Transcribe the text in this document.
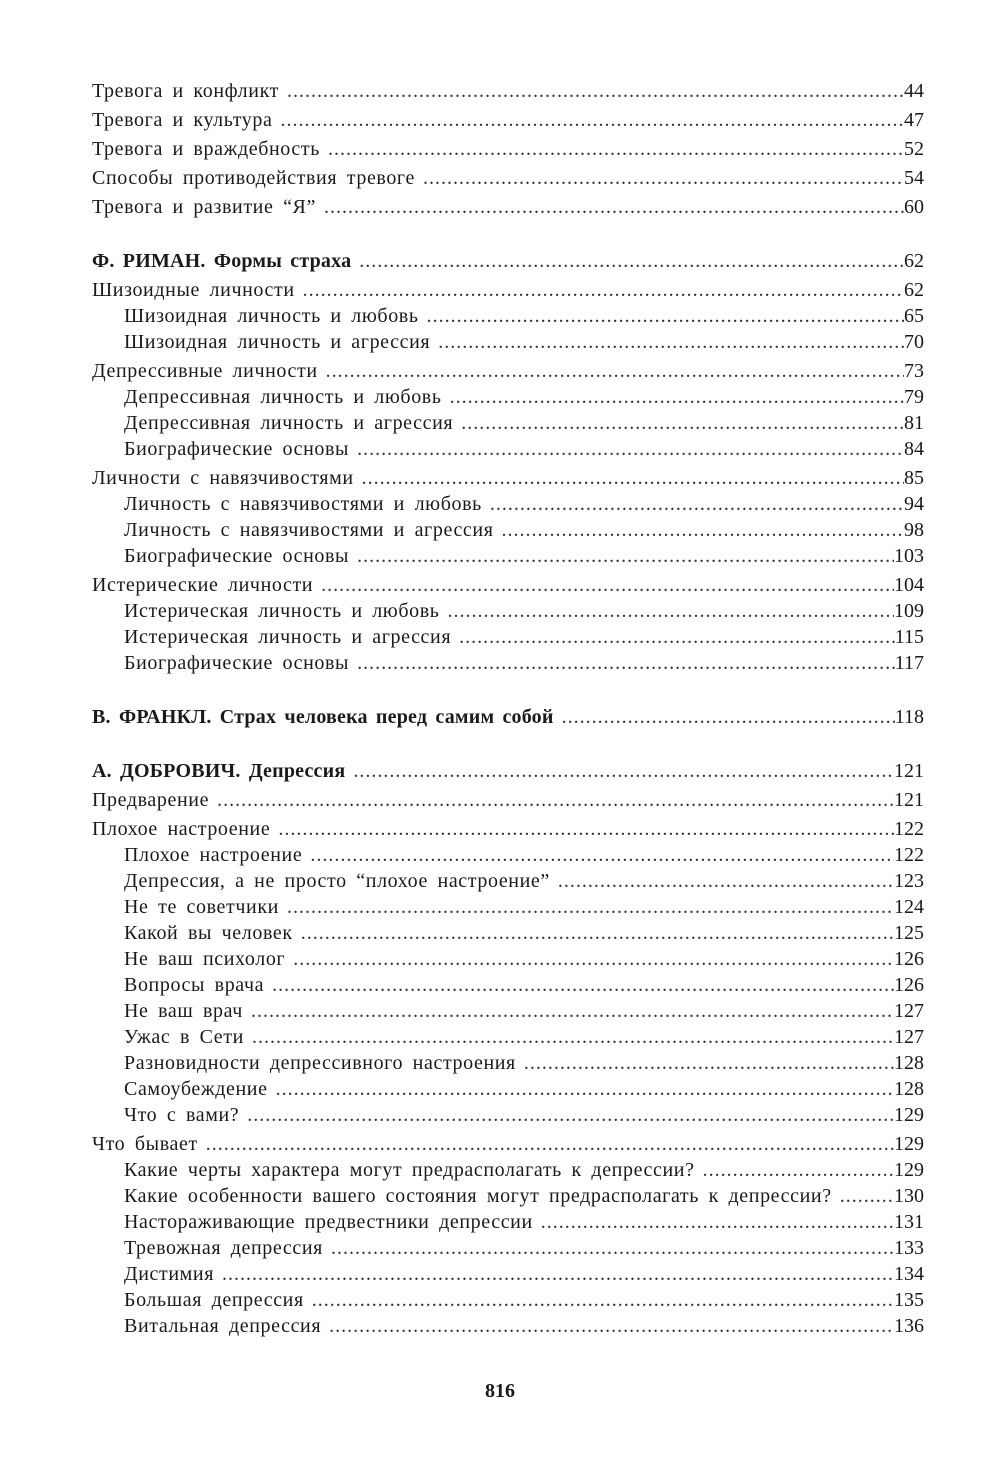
Тревога и конфликт .....	44
Тревога и культура .....	47
Тревога и враждебность .....	52
Способы противодействия тревоге .....	54
Тревога и развитие “Я” .....	60
Ф. РИМАН. Формы страха .....	62
Шизоидные личности .....	62
Шизоидная личность и любовь .....	65
Шизоидная личность и агрессия .....	70
Депрессивные личности .....	73
Депрессивная личность и любовь .....	79
Депрессивная личность и агрессия .....	81
Биографические основы .....	84
Личности с навязчивостями .....	85
Личность с навязчивостями и любовь .....	94
Личность с навязчивостями и агрессия .....	98
Биографические основы .....	103
Истерические личности .....	104
Истерическая личность и любовь .....	109
Истерическая личность и агрессия .....	115
Биографические основы .....	117
В. ФРАНКЛ. Страх человека перед самим собой .....	118
А. ДОБРОВИЧ. Депрессия .....	121
Предварение .....	121
Плохое настроение .....	122
Плохое настроение .....	122
Депрессия, а не просто “плохое настроение” .....	123
Не те советчики .....	124
Какой вы человек .....	125
Не ваш психолог .....	126
Вопросы врача .....	126
Не ваш врач .....	127
Ужас в Сети .....	127
Разновидности депрессивного настроения .....	128
Самоубеждение .....	128
Что с вами? .....	129
Что бывает .....	129
Какие черты характера могут предрасполагать к депрессии? .....	129
Какие особенности вашего состояния могут предрасполагать к депрессии? .....	130
Настораживающие предвестники депрессии .....	131
Тревожная депрессия .....	133
Дистимия .....	134
Большая депрессия .....	135
Витальная депрессия .....	136
816
